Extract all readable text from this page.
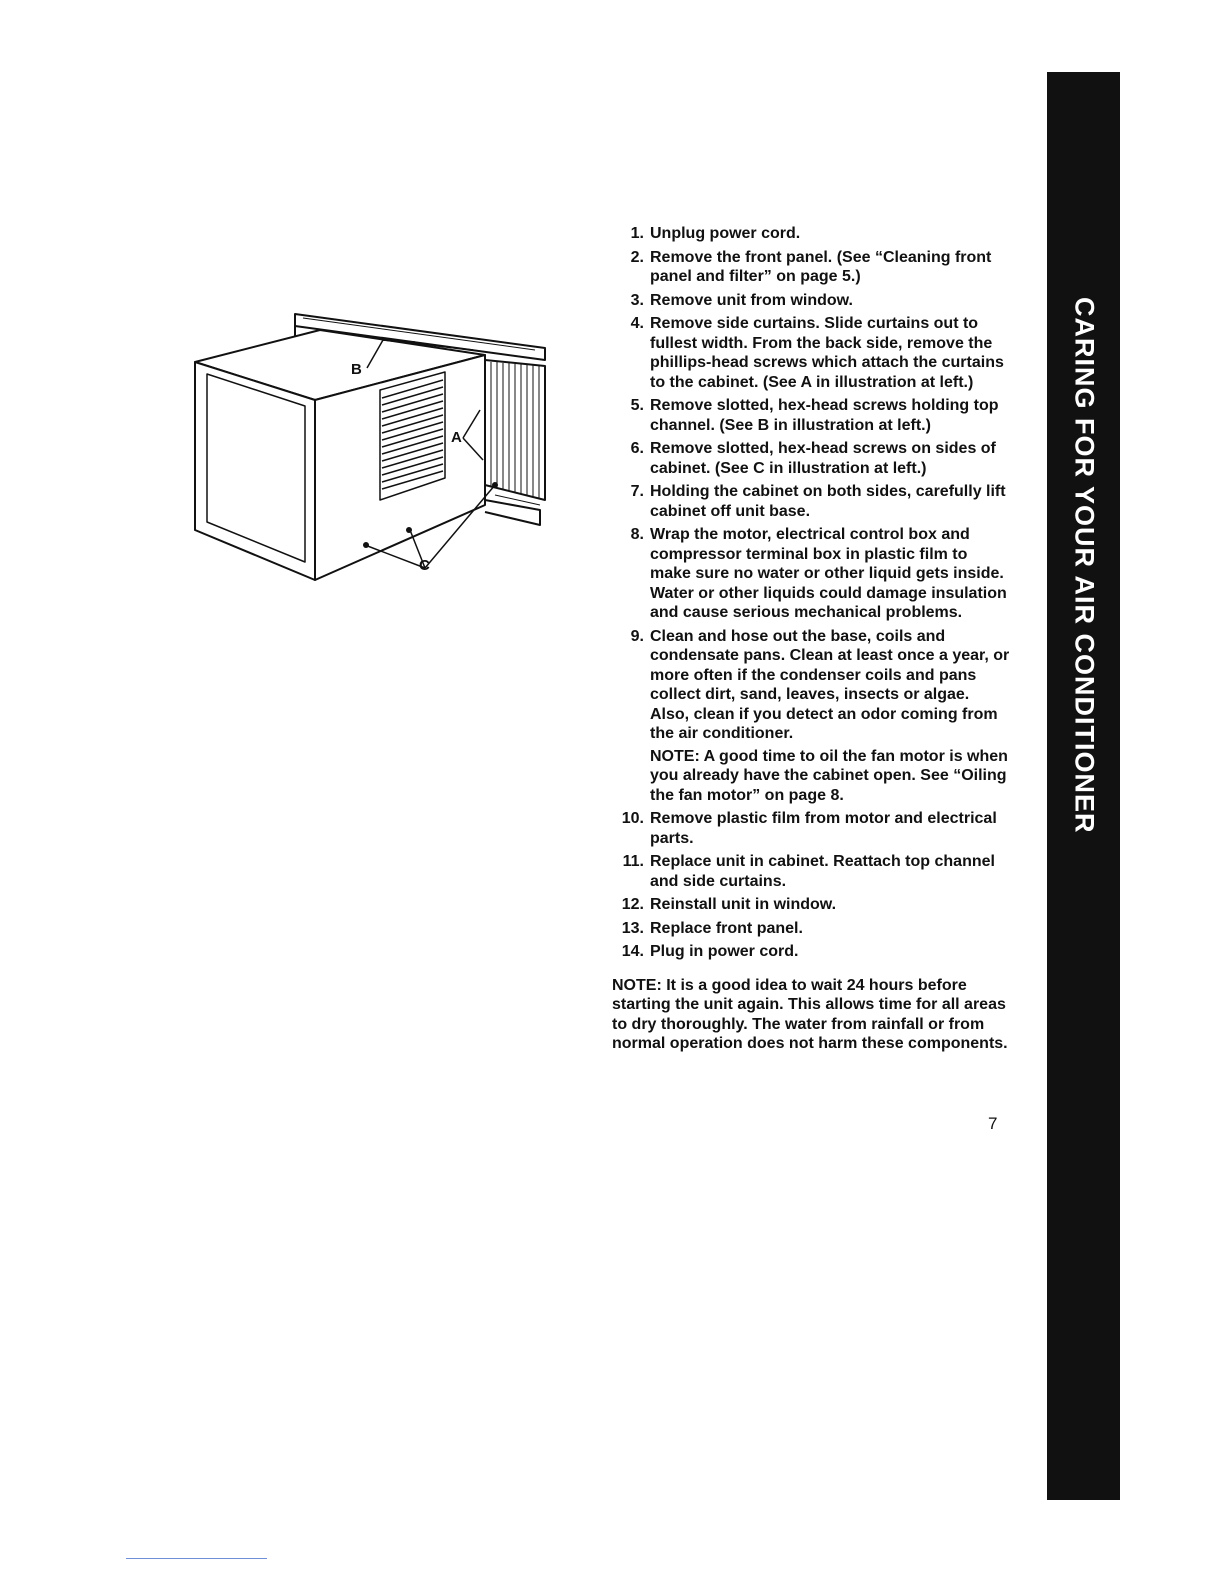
CARING FOR YOUR AIR CONDITIONER
B
A
C
1. Unplug power cord.
2. Remove the front panel. (See “Cleaning front panel and filter” on page 5.)
3. Remove unit from window.
4. Remove side curtains. Slide curtains out to fullest width. From the back side, remove the phillips-head screws which attach the curtains to the cabinet. (See A in illustration at left.)
5. Remove slotted, hex-head screws holding top channel. (See B in illustration at left.)
6. Remove slotted, hex-head screws on sides of cabinet. (See C in illustration at left.)
7. Holding the cabinet on both sides, carefully lift cabinet off unit base.
8. Wrap the motor, electrical control box and compressor terminal box in plastic film to make sure no water or other liquid gets inside. Water or other liquids could damage insulation and cause serious mechanical problems.
9. Clean and hose out the base, coils and condensate pans. Clean at least once a year, or more often if the condenser coils and pans collect dirt, sand, leaves, insects or algae. Also, clean if you detect an odor coming from the air conditioner.
NOTE: A good time to oil the fan motor is when you already have the cabinet open. See “Oiling the fan motor” on page 8.
10. Remove plastic film from motor and electrical parts.
11. Replace unit in cabinet. Reattach top channel and side curtains.
12. Reinstall unit in window.
13. Replace front panel.
14. Plug in power cord.

NOTE: It is a good idea to wait 24 hours before starting the unit again. This allows time for all areas to dry thoroughly. The water from rainfall or from normal operation does not harm these components.

7
